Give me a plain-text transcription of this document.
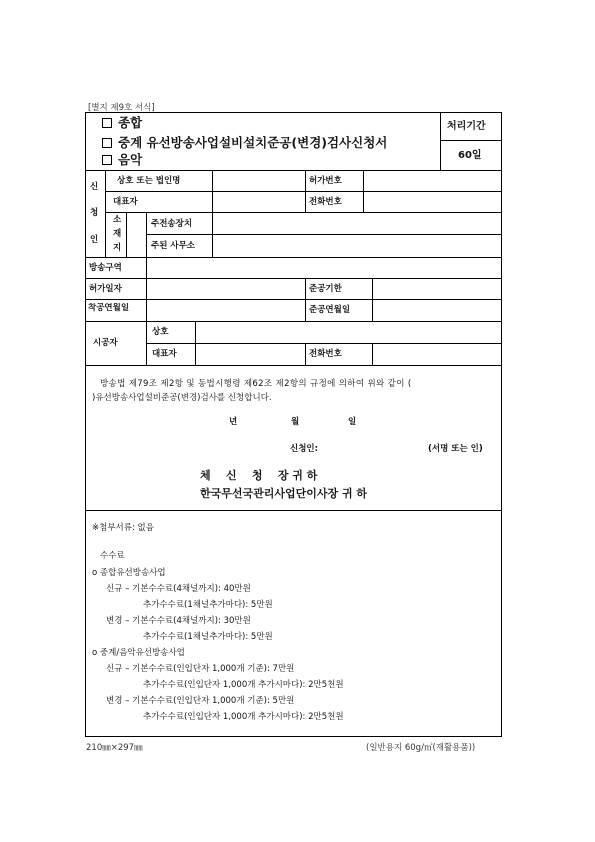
[별지 제9호 서식]
종합
중계 유선방송사업설비설치준공(변경)검사신청서
음악
처리기간
60일
신
청
인
상호 또는 법인명	허가번호
대표자	전화번호
소
재
지
주전송장치
주된 사무소
방송구역
허가일자	준공기한
착공연월일	준공연월일
시공자
상호
대표자	전화번호
방송법 제79조 제2항 및 동법시행령 제62조 제2항의 규정에 의하여 위와 같이 (
)유선방송사업설비준공(변경)검사를 신청합니다.
년	월	일
신청인:	(서명 또는 인)
체    신    청    장 귀 하
한국무선국관리사업단이사장 귀 하
※첨부서류: 없음
수수료
o 종합유선방송사업
신규 – 기본수수료(4채널까지): 40만원
추가수수료(1채널추가마다): 5만원
변경 – 기본수수료(4채널까지): 30만원
추가수수료(1채널추가마다): 5만원
o 중계/음악유선방송사업
신규 – 기본수수료(인입단자 1,000개 기준): 7만원
추가수수료(인입단자 1,000개 추가시마다): 2만5천원
변경 – 기본수수료(인입단자 1,000개 기준): 5만원
추가수수료(인입단자 1,000개 추가시마다): 2만5천원
210㎜×297㎜	(일반용지 60g/㎡(재활용품))
